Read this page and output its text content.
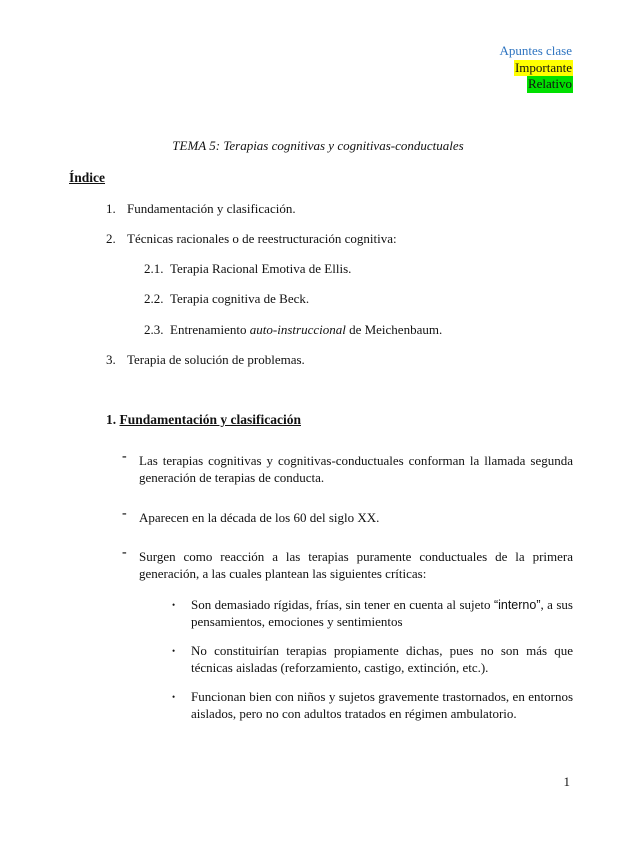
Apuntes clase
Importante
Relativo
TEMA 5: Terapias cognitivas y cognitivas-conductuales
Índice
1. Fundamentación y clasificación.
2. Técnicas racionales o de reestructuración cognitiva:
2.1. Terapia Racional Emotiva de Ellis.
2.2. Terapia cognitiva de Beck.
2.3. Entrenamiento auto-instruccional de Meichenbaum.
3. Terapia de solución de problemas.
1. Fundamentación y clasificación
- Las terapias cognitivas y cognitivas-conductuales conforman la llamada segunda generación de terapias de conducta.
- Aparecen en la década de los 60 del siglo XX.
- Surgen como reacción a las terapias puramente conductuales de la primera generación, a las cuales plantean las siguientes críticas:
• Son demasiado rígidas, frías, sin tener en cuenta al sujeto “interno”, a sus pensamientos, emociones y sentimientos
• No constituirían terapias propiamente dichas, pues no son más que técnicas aisladas (reforzamiento, castigo, extinción, etc.).
• Funcionan bien con niños y sujetos gravemente trastornados, en entornos aislados, pero no con adultos tratados en régimen ambulatorio.
1
